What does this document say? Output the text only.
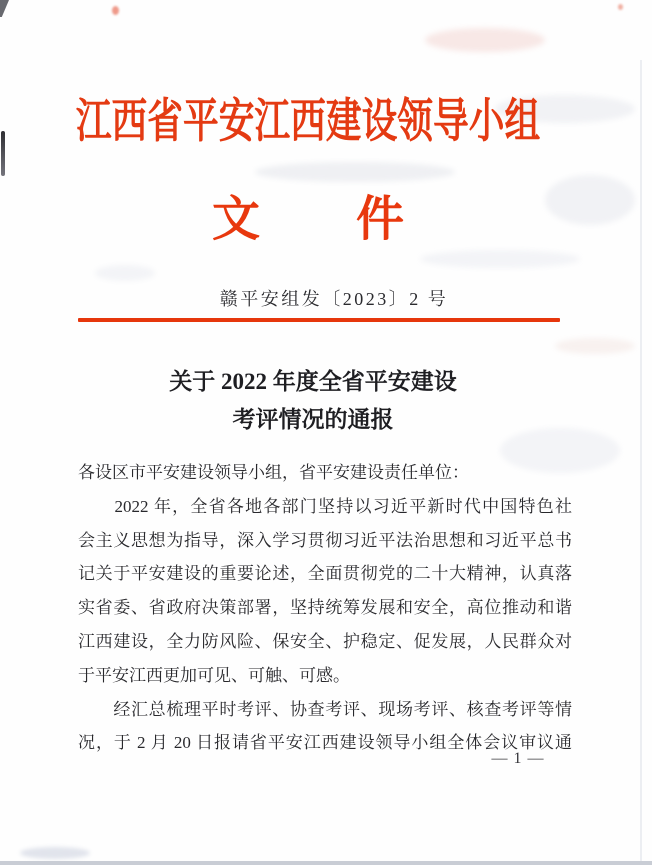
江西省平安江西建设领导小组
文　　件
赣平安组发〔2023〕2 号
关于 2022 年度全省平安建设
考评情况的通报
各设区市平安建设领导小组，省平安建设责任单位：
　　2022 年，全省各地各部门坚持以习近平新时代中国特色社
会主义思想为指导，深入学习贯彻习近平法治思想和习近平总书
记关于平安建设的重要论述，全面贯彻党的二十大精神，认真落
实省委、省政府决策部署，坚持统筹发展和安全，高位推动和谐
江西建设，全力防风险、保安全、护稳定、促发展，人民群众对
于平安江西更加可见、可触、可感。
　　经汇总梳理平时考评、协查考评、现场考评、核查考评等情
况，于 2 月 20 日报请省平安江西建设领导小组全体会议审议通
— 1 —
